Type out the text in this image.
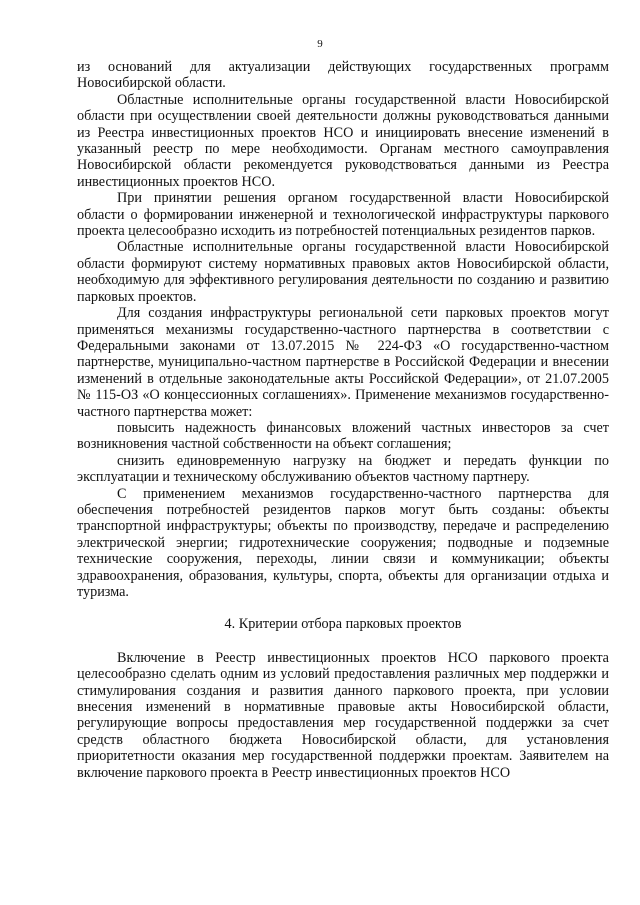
9

из оснований для актуализации действующих государственных программ Новосибирской области.

Областные исполнительные органы государственной власти Новосибирской области при осуществлении своей деятельности должны руководствоваться данными из Реестра инвестиционных проектов НСО и инициировать внесение изменений в указанный реестр по мере необходимости. Органам местного самоуправления Новосибирской области рекомендуется руководствоваться данными из Реестра инвестиционных проектов НСО.

При принятии решения органом государственной власти Новосибирской области о формировании инженерной и технологической инфраструктуры паркового проекта целесообразно исходить из потребностей потенциальных резидентов парков.

Областные исполнительные органы государственной власти Новосибирской области формируют систему нормативных правовых актов Новосибирской области, необходимую для эффективного регулирования деятельности по созданию и развитию парковых проектов.

Для создания инфраструктуры региональной сети парковых проектов могут применяться механизмы государственно-частного партнерства в соответствии с Федеральными законами от 13.07.2015 № 224-ФЗ «О государственно-частном партнерстве, муниципально-частном партнерстве в Российской Федерации и внесении изменений в отдельные законодательные акты Российской Федерации», от 21.07.2005 № 115-ОЗ «О концессионных соглашениях». Применение механизмов государственно-частного партнерства может:

повысить надежность финансовых вложений частных инвесторов за счет возникновения частной собственности на объект соглашения;

снизить единовременную нагрузку на бюджет и передать функции по эксплуатации и техническому обслуживанию объектов частному партнеру.

С применением механизмов государственно-частного партнерства для обеспечения потребностей резидентов парков могут быть созданы: объекты транспортной инфраструктуры; объекты по производству, передаче и распределению электрической энергии; гидротехнические сооружения; подводные и подземные технические сооружения, переходы, линии связи и коммуникации; объекты здравоохранения, образования, культуры, спорта, объекты для организации отдыха и туризма.

4. Критерии отбора парковых проектов

Включение в Реестр инвестиционных проектов НСО паркового проекта целесообразно сделать одним из условий предоставления различных мер поддержки и стимулирования создания и развития данного паркового проекта, при условии внесения изменений в нормативные правовые акты Новосибирской области, регулирующие вопросы предоставления мер государственной поддержки за счет средств областного бюджета Новосибирской области, для установления приоритетности оказания мер государственной поддержки проектам. Заявителем на включение паркового проекта в Реестр инвестиционных проектов НСО
